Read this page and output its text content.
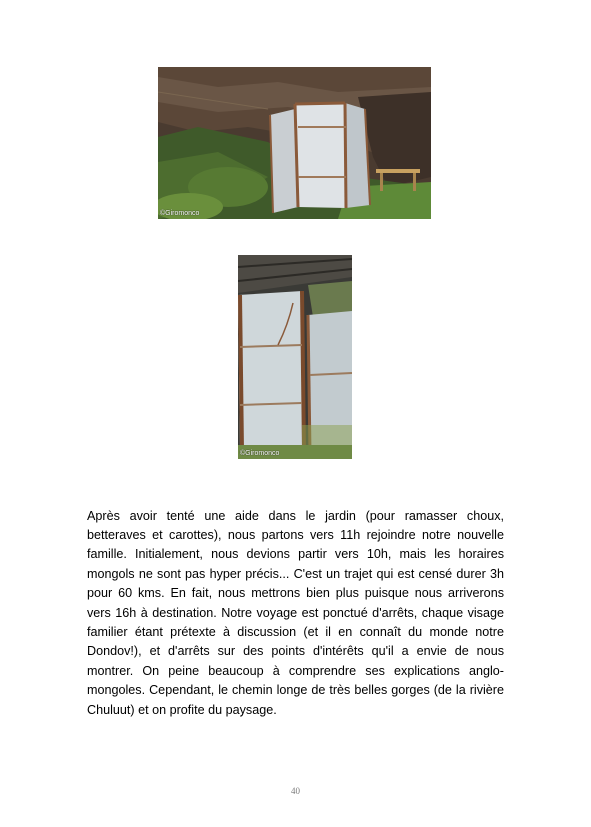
©Giromonco
©Giromonco

Après avoir tenté une aide dans le jardin (pour ramasser choux, betteraves et carottes), nous partons vers 11h rejoindre notre nouvelle famille. Initialement, nous devions partir vers 10h, mais les horaires mongols ne sont pas hyper précis... C'est un trajet qui est censé durer 3h pour 60 kms. En fait, nous mettrons bien plus puisque nous arriverons vers 16h à destination. Notre voyage est ponctué d'arrêts, chaque visage familier étant prétexte à discussion (et il en connaît du monde notre Dondov!), et d'arrêts sur des points d'intérêts qu'il a envie de nous montrer. On peine beaucoup à comprendre ses explications anglo-mongoles. Cependant, le chemin longe de très belles gorges (de la rivière Chuluut) et on profite du paysage.

40
